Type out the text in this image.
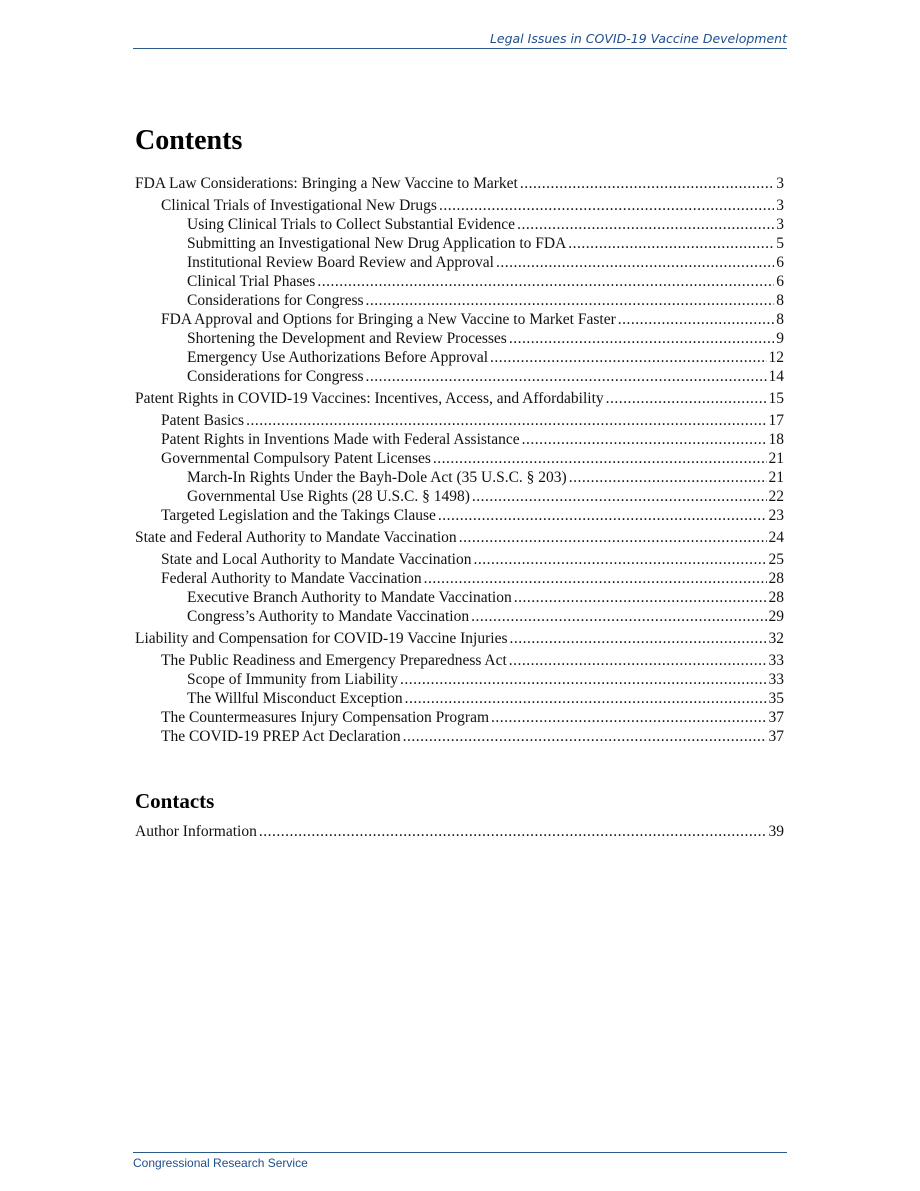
Legal Issues in COVID-19 Vaccine Development
Contents
FDA Law Considerations: Bringing a New Vaccine to Market .....	3
Clinical Trials of Investigational New Drugs .....	3
Using Clinical Trials to Collect Substantial Evidence .....	3
Submitting an Investigational New Drug Application to FDA .....	5
Institutional Review Board Review and Approval .....	6
Clinical Trial Phases .....	6
Considerations for Congress .....	8
FDA Approval and Options for Bringing a New Vaccine to Market Faster .....	8
Shortening the Development and Review Processes .....	9
Emergency Use Authorizations Before Approval .....	12
Considerations for Congress .....	14
Patent Rights in COVID-19 Vaccines: Incentives, Access, and Affordability .....	15
Patent Basics .....	17
Patent Rights in Inventions Made with Federal Assistance .....	18
Governmental Compulsory Patent Licenses .....	21
March-In Rights Under the Bayh-Dole Act (35 U.S.C. § 203) .....	21
Governmental Use Rights (28 U.S.C. § 1498) .....	22
Targeted Legislation and the Takings Clause .....	23
State and Federal Authority to Mandate Vaccination .....	24
State and Local Authority to Mandate Vaccination .....	25
Federal Authority to Mandate Vaccination .....	28
Executive Branch Authority to Mandate Vaccination .....	28
Congress’s Authority to Mandate Vaccination .....	29
Liability and Compensation for COVID-19 Vaccine Injuries .....	32
The Public Readiness and Emergency Preparedness Act .....	33
Scope of Immunity from Liability .....	33
The Willful Misconduct Exception .....	35
The Countermeasures Injury Compensation Program .....	37
The COVID-19 PREP Act Declaration .....	37
Contacts
Author Information .....	39
Congressional Research Service
